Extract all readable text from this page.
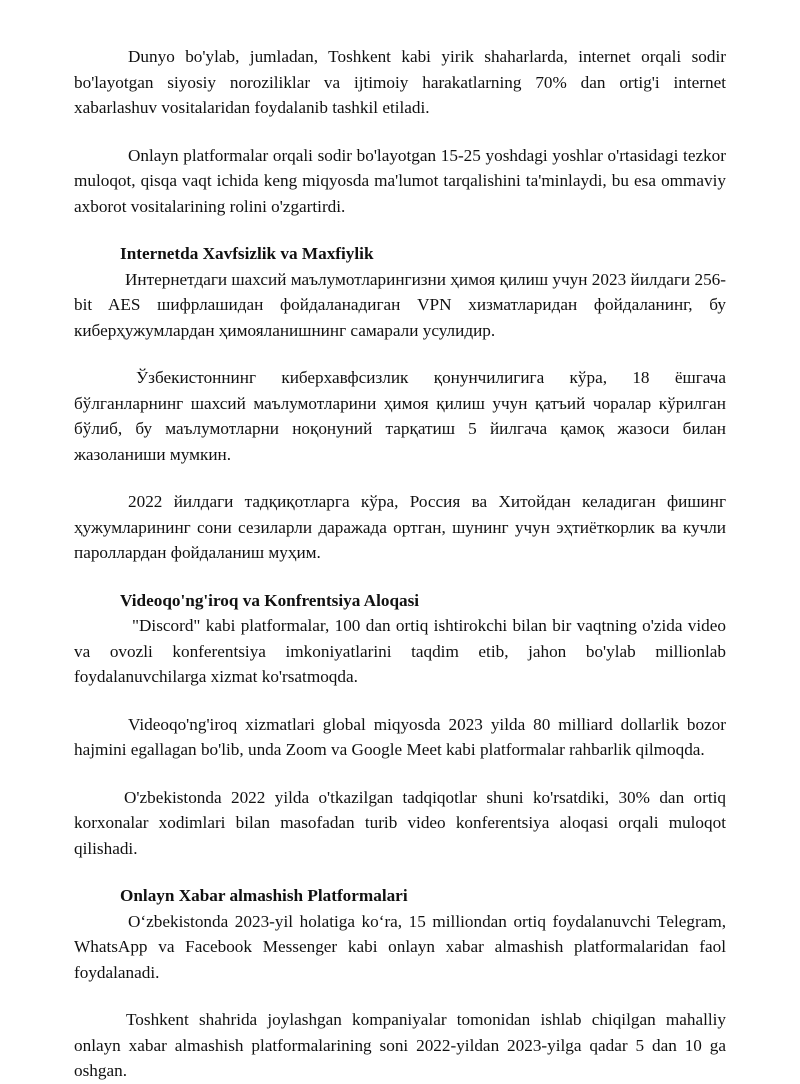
Dunyo bo'ylab, jumladan, Toshkent kabi yirik shaharlarda, internet orqali sodir bo'layotgan siyosiy noroziliklar va ijtimoiy harakatlarning 70% dan ortig'i internet xabarlashuv vositalaridan foydalanib tashkil etiladi.

Onlayn platformalar orqali sodir bo'layotgan 15-25 yoshdagi yoshlar o'rtasidagi tezkor muloqot, qisqa vaqt ichida keng miqyosda ma'lumot tarqalishini ta'minlaydi, bu esa ommaviy axborot vositalarining rolini o'zgartirdi.

Internetda Xavfsizlik va Maxfiylik

Интернетдаги шахсий маълумотларингизни ҳимоя қилиш учун 2023 йилдаги 256-bit AES шифрлашидан фойдаланадиган VPN хизматларидан фойдаланинг, бу киберҳужумлардан ҳимояланишнинг самарали усулидир.

Ўзбекистоннинг киберхавфсизлик қонунчилигига кўра, 18 ёшгача бўлганларнинг шахсий маълумотларини ҳимоя қилиш учун қатъий чоралар кўрилган бўлиб, бу маълумотларни ноқонуний тарқатиш 5 йилгача қамоқ жазоси билан жазоланиши мумкин.

2022 йилдаги тадқиқотларга кўра, Россия ва Хитойдан келадиган фишинг ҳужумларининг сони сезиларли даражада ортган, шунинг учун эҳтиёткорлик ва кучли пароллардан фойдаланиш муҳим.

Videoqo'ng'iroq va Konfrentsiya Aloqasi

"Discord" kabi platformalar, 100 dan ortiq ishtirokchi bilan bir vaqtning o'zida video va ovozli konferentsiya imkoniyatlarini taqdim etib, jahon bo'ylab millionlab foydalanuvchilarga xizmat ko'rsatmoqda.

Videoqo'ng'iroq xizmatlari global miqyosda 2023 yilda 80 milliard dollarlik bozor hajmini egallagan bo'lib, unda Zoom va Google Meet kabi platformalar rahbarlik qilmoqda.

O'zbekistonda 2022 yilda o'tkazilgan tadqiqotlar shuni ko'rsatdiki, 30% dan ortiq korxonalar xodimlari bilan masofadan turib video konferentsiya aloqasi orqali muloqot qilishadi.

Onlayn Xabar almashish Platformalari

O‘zbekistonda 2023-yil holatiga ko‘ra, 15 milliondan ortiq foydalanuvchi Telegram, WhatsApp va Facebook Messenger kabi onlayn xabar almashish platformalaridan faol foydalanadi.

Toshkent shahrida joylashgan kompaniyalar tomonidan ishlab chiqilgan mahalliy onlayn xabar almashish platformalarining soni 2022-yildan 2023-yilga qadar 5 dan 10 ga oshgan.
